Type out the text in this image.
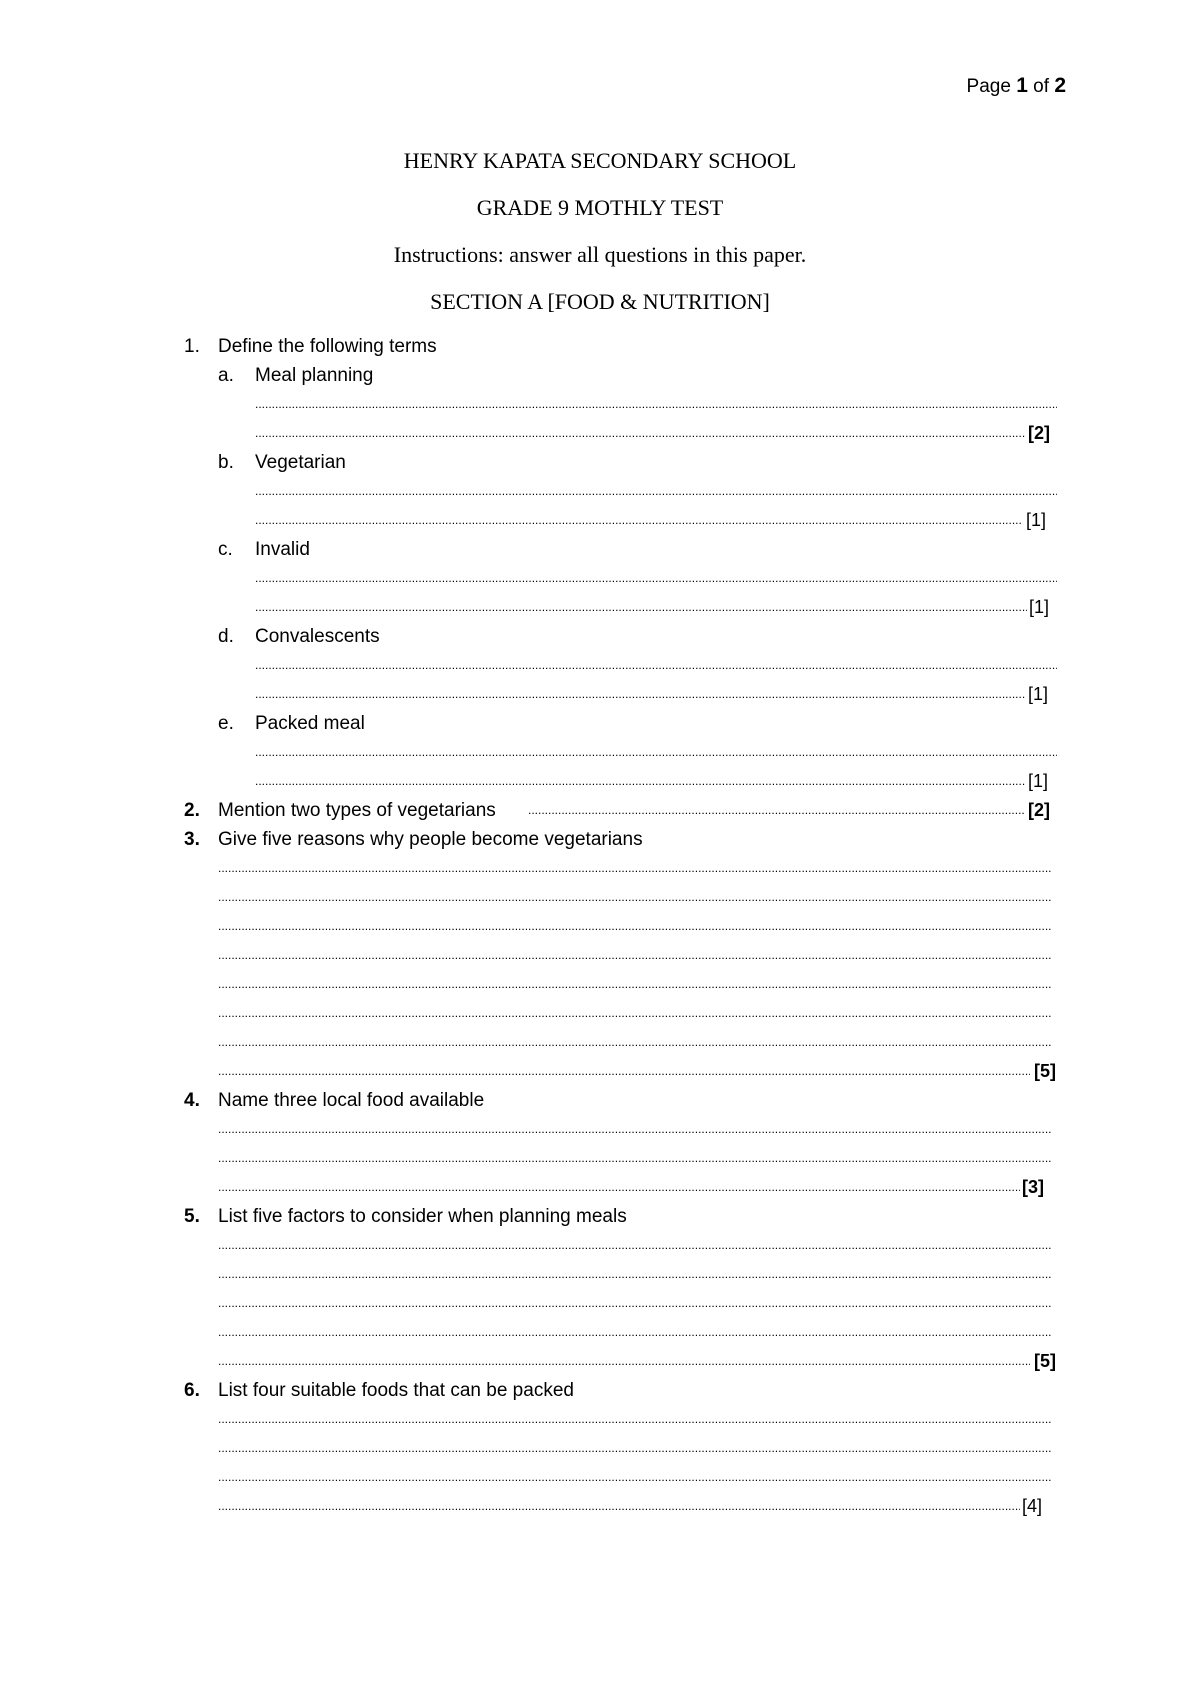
Page 1 of 2
HENRY KAPATA SECONDARY SCHOOL
GRADE 9 MOTHLY TEST
Instructions: answer all questions in this paper.
SECTION A [FOOD & NUTRITION]
1. Define the following terms
a. Meal planning
.....
.....
[2]
b. Vegetarian
.....
.....
[1]
c. Invalid
.....
.....
[1]
d. Convalescents
.....
.....
[1]
e. Packed meal
.....
.....
[1]
2. Mention two types of vegetarians
.....	[2]
3. Give five reasons why people become vegetarians
.....
.....
.....
.....
.....
.....
.....
.....
[5]
4. Name three local food available
.....
.....
.....
[3]
5. List five factors to consider when planning meals
.....
.....
.....
.....
.....
[5]
6. List four suitable foods that can be packed
.....
.....
.....
.....
[4]
